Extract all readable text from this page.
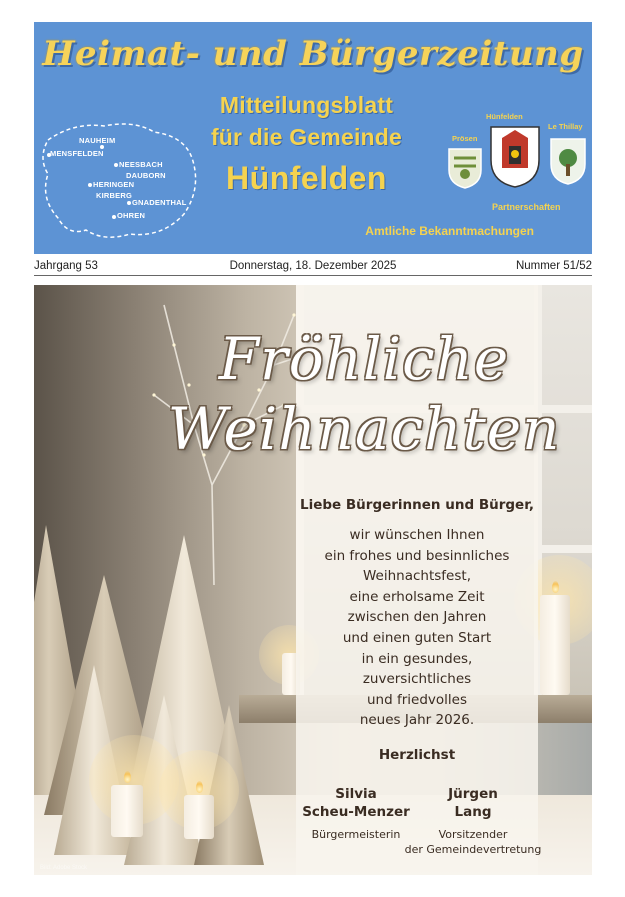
Heimat- und Bürgerzeitung
Mitteilungsblatt
für die Gemeinde
Hünfelden
Amtliche Bekanntmachungen
NAUHEIM
MENSFELDEN
NEESBACH
DAUBORN
HERINGEN
KIRBERG
GNADENTHAL
OHREN
Prösen
Hünfelden
Le Thillay
Partnerschaften
Jahrgang 53	Donnerstag, 18. Dezember 2025	Nummer 51/52
Fröhliche
Weihnachten
Liebe Bürgerinnen und Bürger,
wir wünschen Ihnen
ein frohes und besinnliches
Weihnachtsfest,
eine erholsame Zeit
zwischen den Jahren
und einen guten Start
in ein gesundes,
zuversichtliches
und friedvolles
neues Jahr 2026.
Herzlichst
Silvia
Scheu-Menzer
Bürgermeisterin
Jürgen
Lang
Vorsitzender
der Gemeindevertretung
Bild: Adobe Stock
